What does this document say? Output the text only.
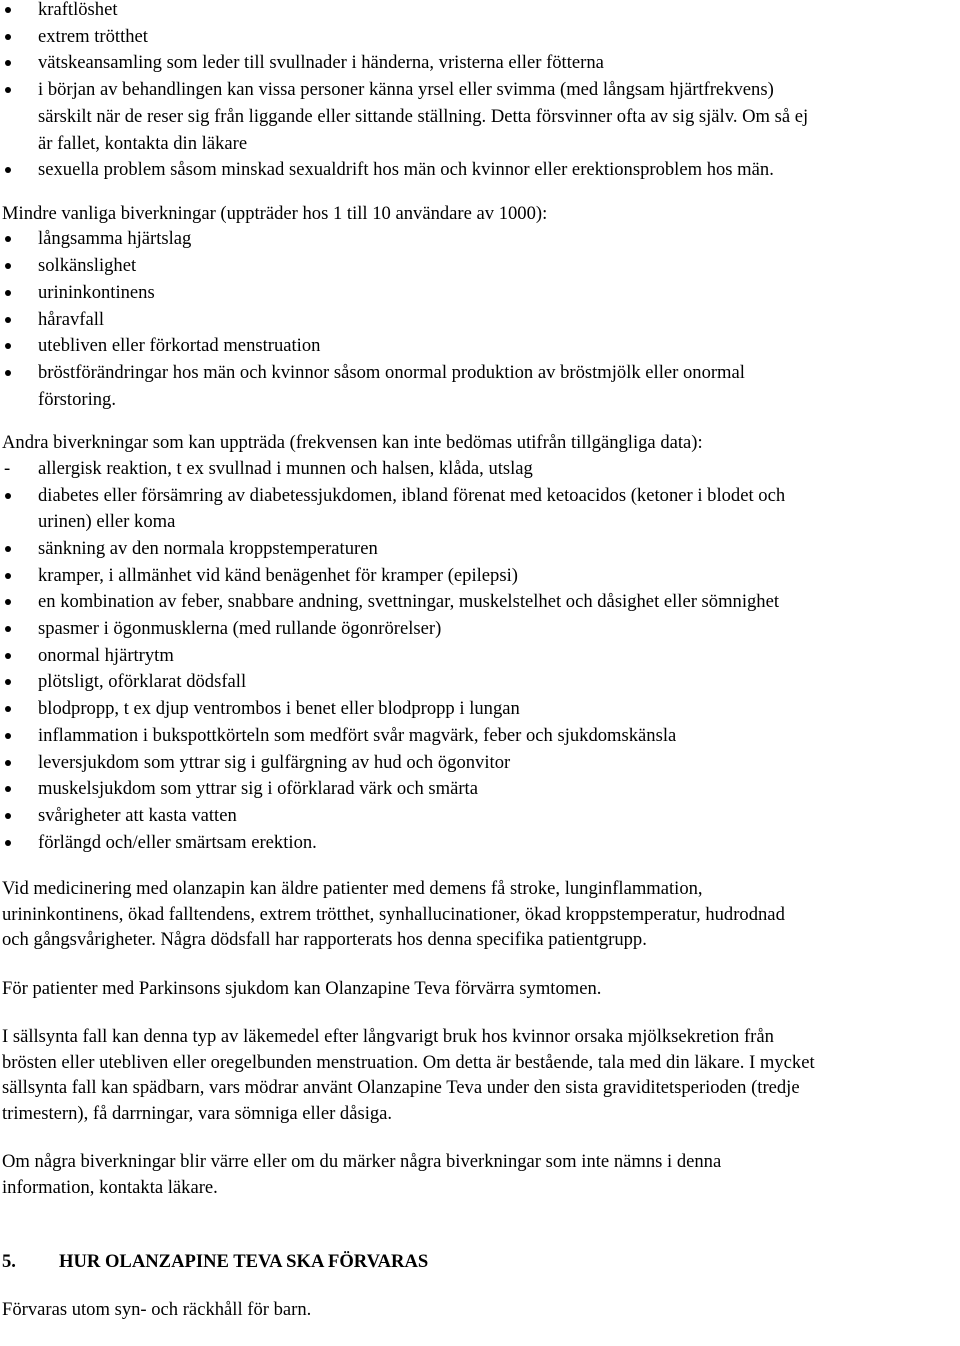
kraftlöshet
extrem trötthet
vätskeansamling som leder till svullnader i händerna, vristerna eller fötterna
i början av behandlingen kan vissa personer känna yrsel eller svimma (med långsam hjärtfrekvens)
särskilt när de reser sig från liggande eller sittande ställning. Detta försvinner ofta av sig själv. Om så ej
är fallet, kontakta din läkare
sexuella problem såsom minskad sexualdrift hos män och kvinnor eller erektionsproblem hos män.

Mindre vanliga biverkningar (uppträder hos 1 till 10 användare av 1000):

långsamma hjärtslag
solkänslighet
urininkontinens
håravfall
utebliven eller förkortad menstruation
bröstförändringar hos män och kvinnor såsom onormal produktion av bröstmjölk eller onormal
förstoring.

Andra biverkningar som kan uppträda (frekvensen kan inte bedömas utifrån tillgängliga data):

- allergisk reaktion, t ex svullnad i munnen och halsen, klåda, utslag
diabetes eller försämring av diabetessjukdomen, ibland förenat med ketoacidos (ketoner i blodet och
urinen) eller koma
sänkning av den normala kroppstemperaturen
kramper, i allmänhet vid känd benägenhet för kramper (epilepsi)
en kombination av feber, snabbare andning, svettningar, muskelstelhet och dåsighet eller sömnighet
spasmer i ögonmusklerna (med rullande ögonrörelser)
onormal hjärtrytm
plötsligt, oförklarat dödsfall
blodpropp, t ex djup ventrombos i benet eller blodpropp i lungan
inflammation i bukspottkörteln som medfört svår magvärk, feber och sjukdomskänsla
leversjukdom som yttrar sig i gulfärgning av hud och ögonvitor
muskelsjukdom som yttrar sig i oförklarad värk och smärta
svårigheter att kasta vatten
förlängd och/eller smärtsam erektion.

Vid medicinering med olanzapin kan äldre patienter med demens få stroke, lunginflammation,
urininkontinens, ökad falltendens, extrem trötthet, synhallucinationer, ökad kroppstemperatur, hudrodnad
och gångsvårigheter. Några dödsfall har rapporterats hos denna specifika patientgrupp.

För patienter med Parkinsons sjukdom kan Olanzapine Teva förvärra symtomen.

I sällsynta fall kan denna typ av läkemedel efter långvarigt bruk hos kvinnor orsaka mjölksekretion från
brösten eller utebliven eller oregelbunden menstruation. Om detta är bestående, tala med din läkare. I mycket
sällsynta fall kan spädbarn, vars mödrar använt Olanzapine Teva under den sista graviditetsperioden (tredje
trimestern), få darrningar, vara sömniga eller dåsiga.

Om några biverkningar blir värre eller om du märker några biverkningar som inte nämns i denna
information, kontakta läkare.

5. HUR OLANZAPINE TEVA SKA FÖRVARAS

Förvaras utom syn- och räckhåll för barn.
